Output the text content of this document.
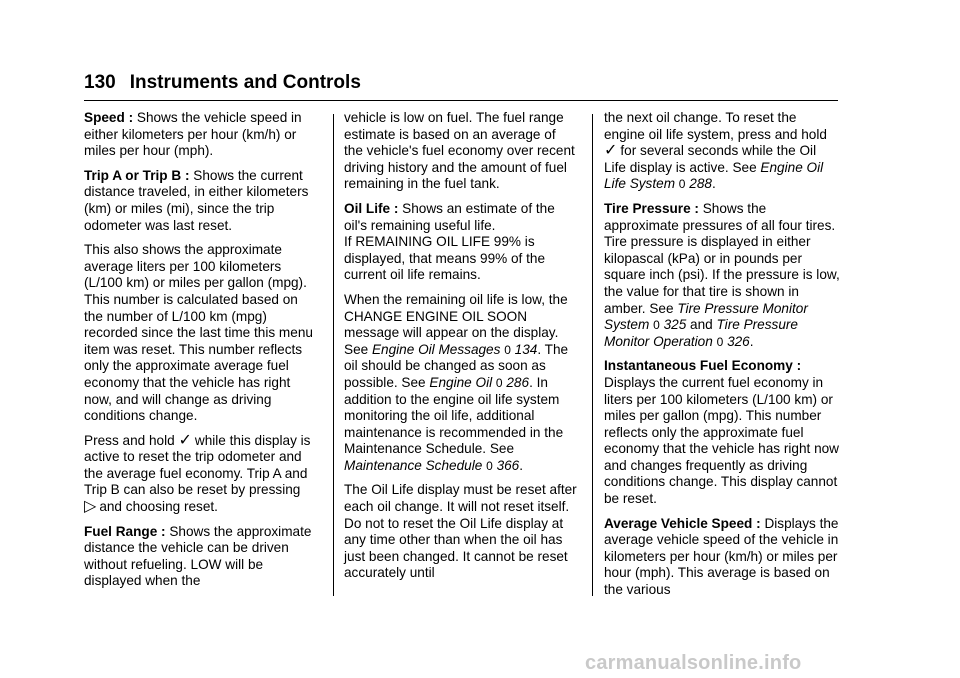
130 Instruments and Controls

Speed : Shows the vehicle speed in either kilometers per hour (km/h) or miles per hour (mph).

Trip A or Trip B : Shows the current distance traveled, in either kilometers (km) or miles (mi), since the trip odometer was last reset.

This also shows the approximate average liters per 100 kilometers (L/100 km) or miles per gallon (mpg). This number is calculated based on the number of L/100 km (mpg) recorded since the last time this menu item was reset. This number reflects only the approximate average fuel economy that the vehicle has right now, and will change as driving conditions change.

Press and hold ✓ while this display is active to reset the trip odometer and the average fuel economy. Trip A and Trip B can also be reset by pressing ▷ and choosing reset.

Fuel Range : Shows the approximate distance the vehicle can be driven without refueling. LOW will be displayed when the

vehicle is low on fuel. The fuel range estimate is based on an average of the vehicle's fuel economy over recent driving history and the amount of fuel remaining in the fuel tank.

Oil Life : Shows an estimate of the oil's remaining useful life.
If REMAINING OIL LIFE 99% is displayed, that means 99% of the current oil life remains.

When the remaining oil life is low, the CHANGE ENGINE OIL SOON message will appear on the display. See Engine Oil Messages 0 134. The oil should be changed as soon as possible. See Engine Oil 0 286. In addition to the engine oil life system monitoring the oil life, additional maintenance is recommended in the Maintenance Schedule. See Maintenance Schedule 0 366.

The Oil Life display must be reset after each oil change. It will not reset itself. Do not to reset the Oil Life display at any time other than when the oil has just been changed. It cannot be reset accurately until

the next oil change. To reset the engine oil life system, press and hold ✓ for several seconds while the Oil Life display is active. See Engine Oil Life System 0 288.

Tire Pressure : Shows the approximate pressures of all four tires. Tire pressure is displayed in either kilopascal (kPa) or in pounds per square inch (psi). If the pressure is low, the value for that tire is shown in amber. See Tire Pressure Monitor System 0 325 and Tire Pressure Monitor Operation 0 326.

Instantaneous Fuel Economy :
Displays the current fuel economy in liters per 100 kilometers (L/100 km) or miles per gallon (mpg). This number reflects only the approximate fuel economy that the vehicle has right now and changes frequently as driving conditions change. This display cannot be reset.

Average Vehicle Speed : Displays the average vehicle speed of the vehicle in kilometers per hour (km/h) or miles per hour (mph). This average is based on the various

carmanualsonline.info
